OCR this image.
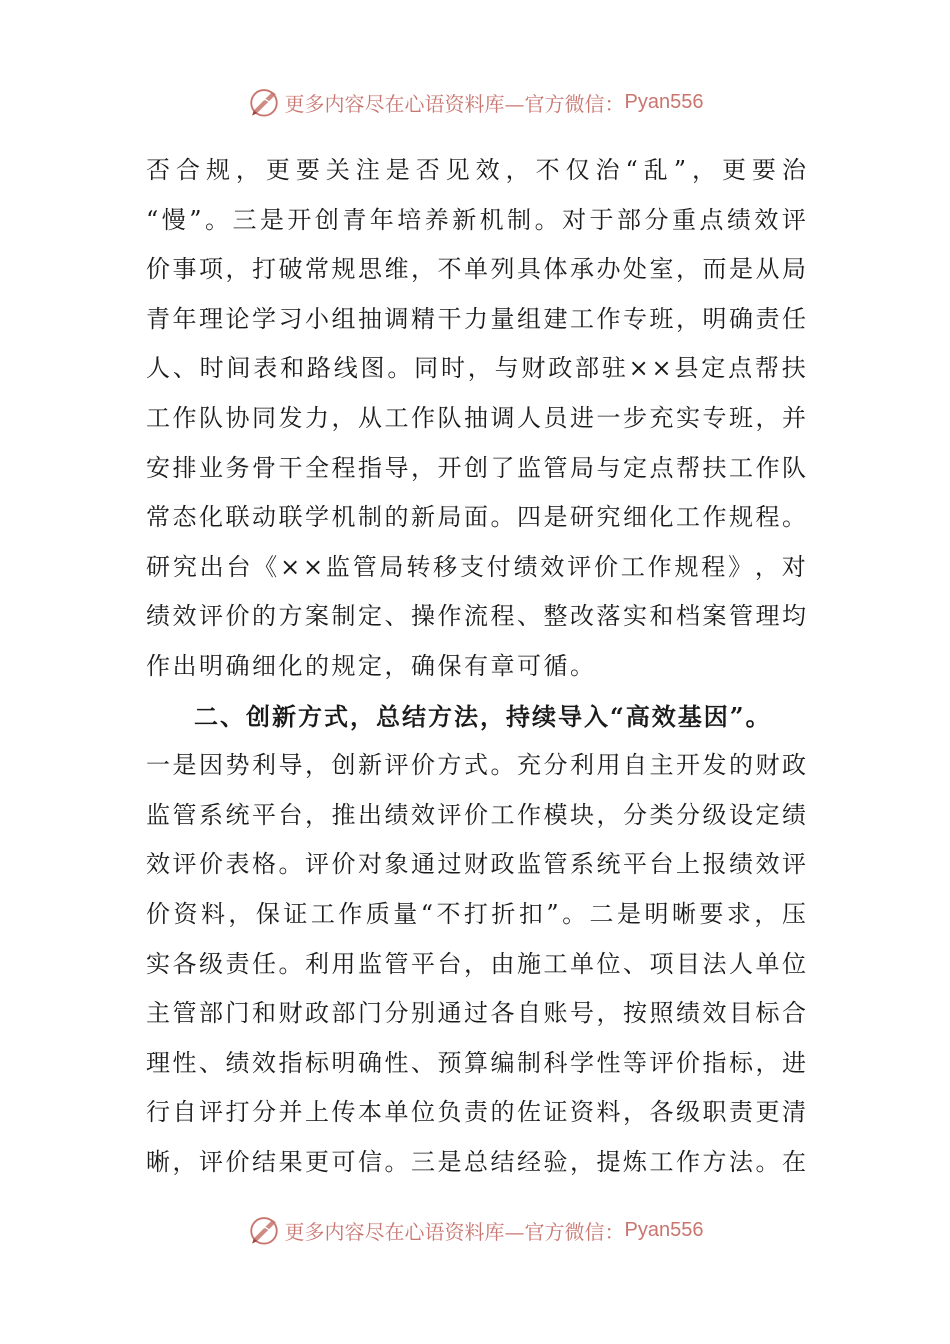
更多内容尽在心语资料库—官方微信： Pyan556
否 合 规 ， 更 要 关 注 是 否 见 效 ， 不 仅 治 “ 乱 ” ， 更 要 治
“ 慢 ” 。 三 是 开 创 青 年 培 养 新 机 制 。 对 于 部 分 重 点 绩 效 评
价 事 项 ， 打 破 常 规 思 维 ， 不 单 列 具 体 承 办 处 室 ， 而 是 从 局
青 年 理 论 学 习 小 组 抽 调 精 干 力 量 组 建 工 作 专 班 ， 明 确 责 任
人 、 时 间 表 和 路 线 图 。 同 时 ， 与 财 政 部 驻 × × 县 定 点 帮 扶
工 作 队 协 同 发 力 ， 从 工 作 队 抽 调 人 员 进 一 步 充 实 专 班 ， 并
安 排 业 务 骨 干 全 程 指 导 ， 开 创 了 监 管 局 与 定 点 帮 扶 工 作 队
常 态 化 联 动 联 学 机 制 的 新 局 面 。 四 是 研 究 细 化 工 作 规 程 。
研 究 出 台 《 × × 监 管 局 转 移 支 付 绩 效 评 价 工 作 规 程 》 ， 对
绩 效 评 价 的 方 案 制 定 、 操 作 流 程 、 整 改 落 实 和 档 案 管 理 均
作出明确细化的规定，确保有章可循。
二、创新方式，总结方法，持续导入“高效基因”。
一 是 因 势 利 导 ， 创 新 评 价 方 式 。 充 分 利 用 自 主 开 发 的 财 政
监 管 系 统 平 台 ， 推 出 绩 效 评 价 工 作 模 块 ， 分 类 分 级 设 定 绩
效 评 价 表 格 。 评 价 对 象 通 过 财 政 监 管 系 统 平 台 上 报 绩 效 评
价 资 料 ， 保 证 工 作 质 量 “ 不 打 折 扣 ” 。 二 是 明 晰 要 求 ， 压
实 各 级 责 任 。 利 用 监 管 平 台 ， 由 施 工 单 位 、 项 目 法 人 单 位
主 管 部 门 和 财 政 部 门 分 别 通 过 各 自 账 号 ， 按 照 绩 效 目 标 合
理 性 、 绩 效 指 标 明 确 性 、 预 算 编 制 科 学 性 等 评 价 指 标 ， 进
行 自 评 打 分 并 上 传 本 单 位 负 责 的 佐 证 资 料 ， 各 级 职 责 更 清
晰 ， 评 价 结 果 更 可 信 。 三 是 总 结 经 验 ， 提 炼 工 作 方 法 。 在
更多内容尽在心语资料库—官方微信： Pyan556
